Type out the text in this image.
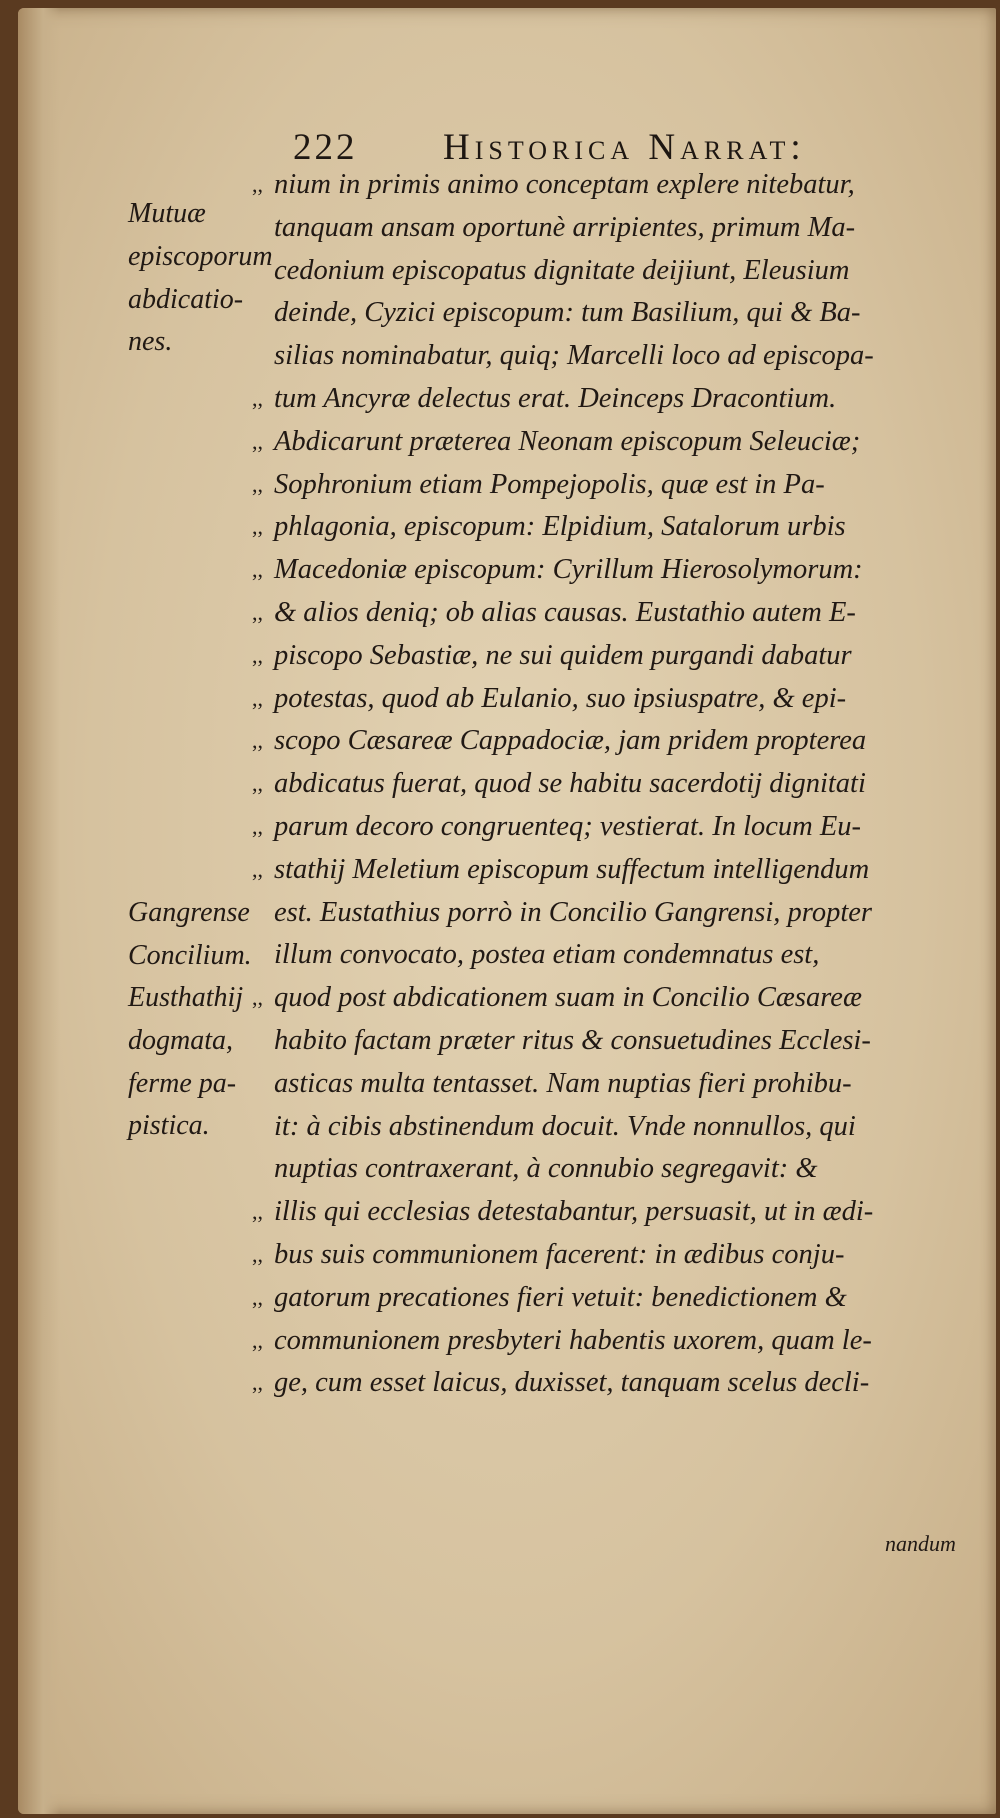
222 Historica Narrat:
,, nium in primis animo conceptam explere nitebatur,
tanquam ansam oportunè arripientes, primum Ma-
cedonium episcopatus dignitate deijiunt, Eleusium
deinde, Cyzici episcopum: tum Basilium, qui & Ba-
silias nominabatur, quiq; Marcelli loco ad episcopa-
,, tum Ancyræ delectus erat. Deinceps Dracontium.
,, Abdicarunt præterea Neonam episcopum Seleuciæ;
,, Sophronium etiam Pompejopolis, quæ est in Pa-
,, phlagonia, episcopum: Elpidium, Satalorum urbis
,, Macedoniæ episcopum: Cyrillum Hierosolymorum:
,, & alios deniq; ob alias causas. Eustathio autem E-
,, piscopo Sebastiæ, ne sui quidem purgandi dabatur
,, potestas, quod ab Eulanio, suo ipsiuspatre, & epi-
,, scopo Cæsareæ Cappadociæ, jam pridem propterea
,, abdicatus fuerat, quod se habitu sacerdotij dignitati
,, parum decoro congruenteq; vestierat. In locum Eu-
,, stathij Meletium episcopum suffectum intelligendum
est. Eustathius porrò in Concilio Gangrensi, propter
illum convocato, postea etiam condemnatus est,
,, quod post abdicationem suam in Concilio Cæsareæ
habito factam præter ritus & consuetudines Ecclesi-
asticas multa tentasset. Nam nuptias fieri prohibu-
it: à cibis abstinendum docuit. Vnde nonnullos, qui
nuptias contraxerant, à connubio segregavit: &
,, illis qui ecclesias detestabantur, persuasit, ut in ædi-
,, bus suis communionem facerent: in ædibus conju-
,, gatorum precationes fieri vetuit: benedictionem &
,, communionem presbyteri habentis uxorem, quam le-
,, ge, cum esset laicus, duxisset, tanquam scelus decli-
Mutuæ
episcoporum
abdicatio-
nes.
Gangrense
Concilium.
Eusthathij
dogmata,
ferme pa-
pistica.
nandum
